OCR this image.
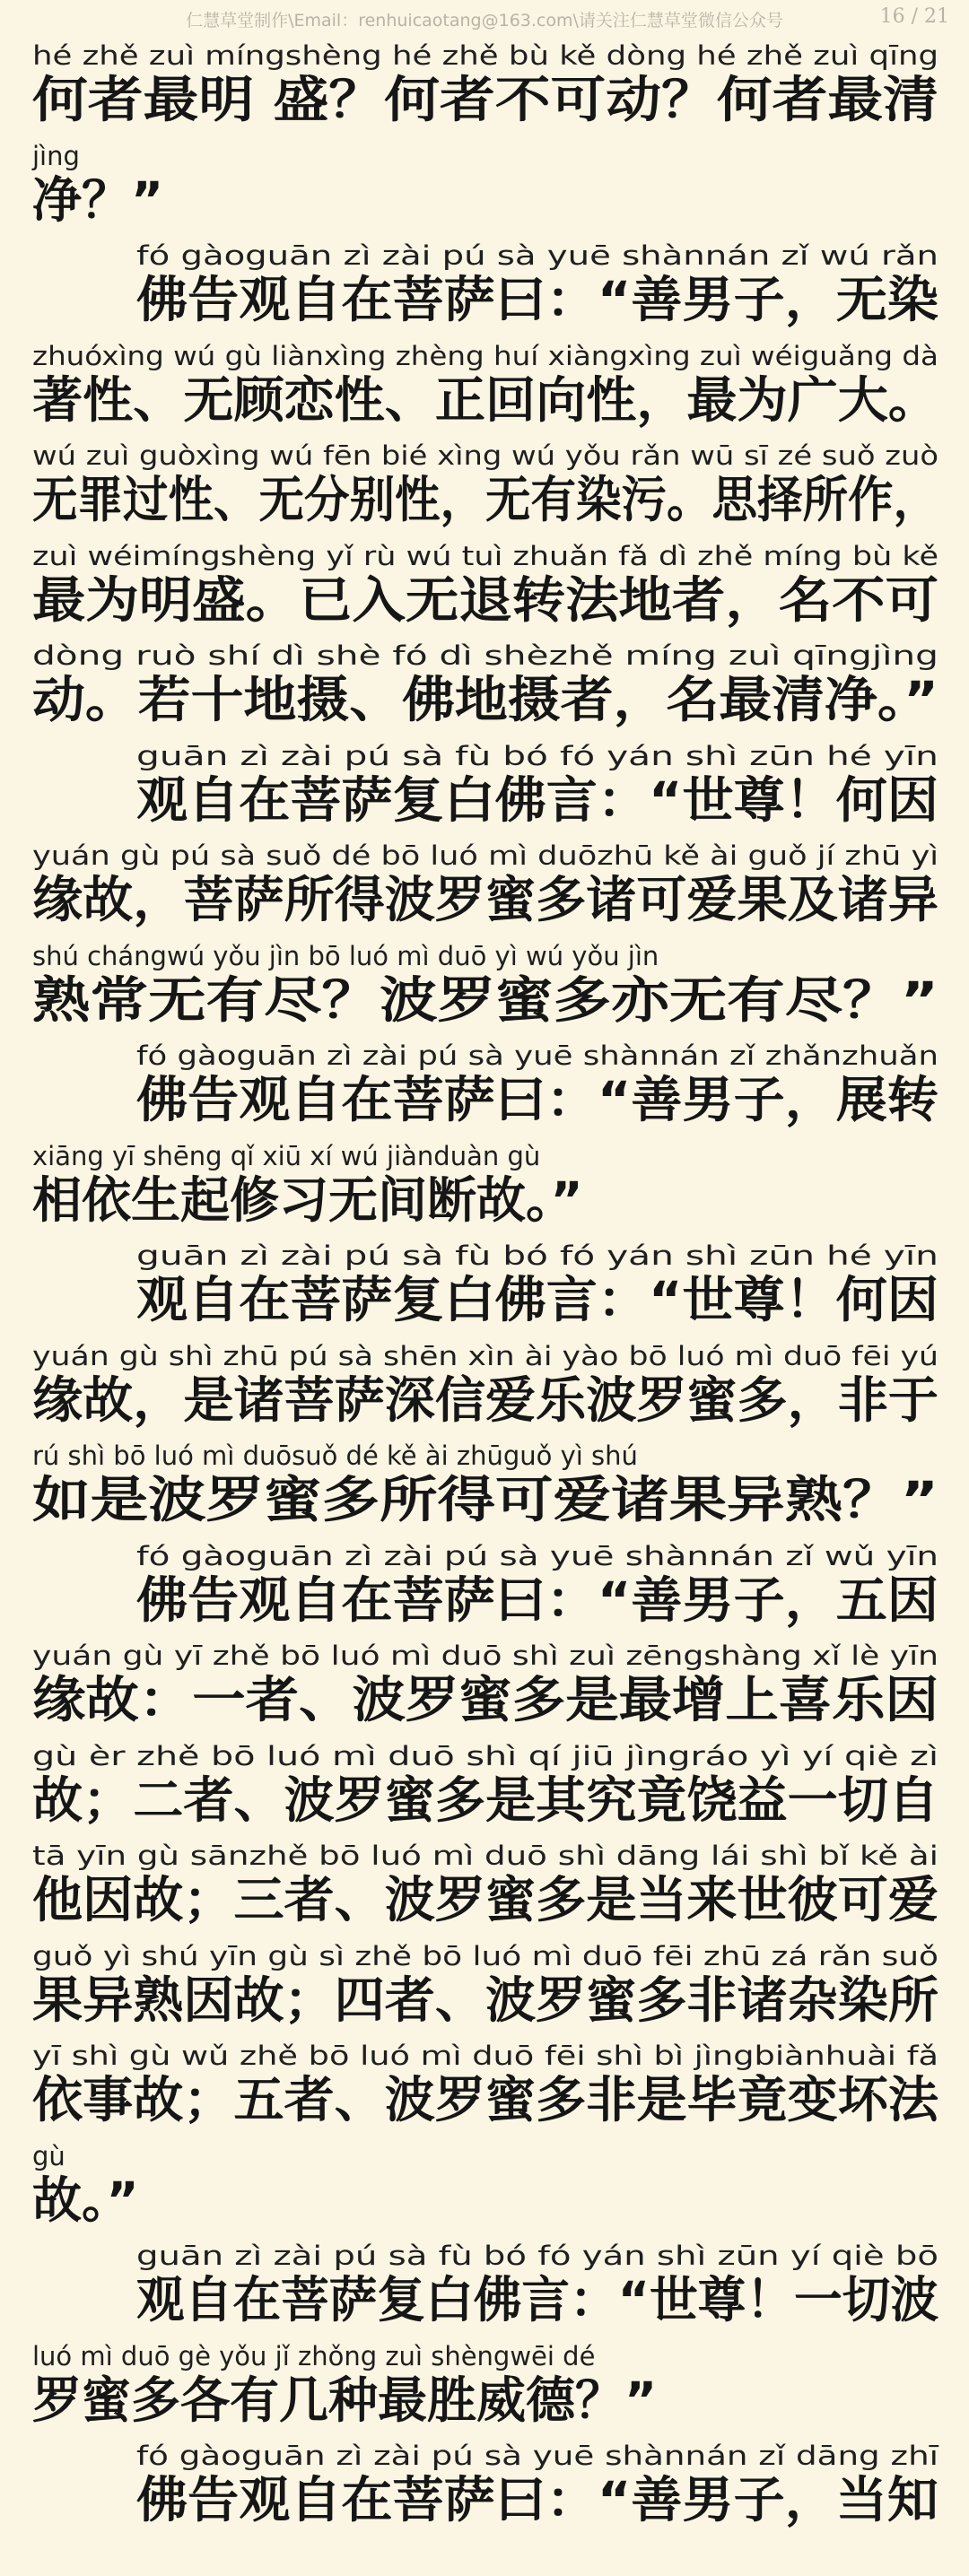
仁慧草堂制作\Email：renhuicaotang@163.com\请关注仁慧草堂微信公众号	16 / 21
hé zhě zuì míngshèng hé zhě bù kě dòng hé zhě zuì qīng
何者最明 盛？何者不可动？何者最清
jìng
净？”
fó gàoguān zì zài pú sà yuē shànnán zǐ wú rǎn
佛告观自在菩萨曰：“善男子，无染
zhuóxìng wú gù liànxìng zhèng huí xiàngxìng zuì wéiguǎng dà
著性、无顾恋性、正回向性，最为广大。
wú zuì guòxìng wú fēn bié xìng wú yǒu rǎn wū sī zé suǒ zuò
无罪过性、无分别性，无有染污。思择所作，
zuì wéimíngshèng yǐ rù wú tuì zhuǎn fǎ dì zhě míng bù kě
最为明盛。已入无退转法地者，名不可
dòng ruò shí dì shè fó dì shèzhě míng zuì qīngjìng
动。若十地摄、佛地摄者，名最清净。”
guān zì zài pú sà fù bó fó yán shì zūn hé yīn
观自在菩萨复白佛言：“世尊！何因
yuán gù pú sà suǒ dé bō luó mì duōzhū kě ài guǒ jí zhū yì
缘故，菩萨所得波罗蜜多诸可爱果及诸异
shú chángwú yǒu jìn bō luó mì duō yì wú yǒu jìn
熟常无有尽？波罗蜜多亦无有尽？”
fó gàoguān zì zài pú sà yuē shànnán zǐ zhǎnzhuǎn
佛告观自在菩萨曰：“善男子，展转
xiāng yī shēng qǐ xiū xí wú jiànduàn gù
相依生起修习无间断故。”
guān zì zài pú sà fù bó fó yán shì zūn hé yīn
观自在菩萨复白佛言：“世尊！何因
yuán gù shì zhū pú sà shēn xìn ài yào bō luó mì duō fēi yú
缘故，是诸菩萨深信爱乐波罗蜜多，非于
rú shì bō luó mì duōsuǒ dé kě ài zhūguǒ yì shú
如是波罗蜜多所得可爱诸果异熟？”
fó gàoguān zì zài pú sà yuē shànnán zǐ wǔ yīn
佛告观自在菩萨曰：“善男子，五因
yuán gù yī zhě bō luó mì duō shì zuì zēngshàng xǐ lè yīn
缘故：一者、波罗蜜多是最增上喜乐因
gù èr zhě bō luó mì duō shì qí jiū jìngráo yì yí qiè zì
故；二者、波罗蜜多是其究竟饶益一切自
tā yīn gù sānzhě bō luó mì duō shì dāng lái shì bǐ kě ài
他因故；三者、波罗蜜多是当来世彼可爱
guǒ yì shú yīn gù sì zhě bō luó mì duō fēi zhū zá rǎn suǒ
果异熟因故；四者、波罗蜜多非诸杂染所
yī shì gù wǔ zhě bō luó mì duō fēi shì bì jìngbiànhuài fǎ
依事故；五者、波罗蜜多非是毕竟变坏法
gù
故。”
guān zì zài pú sà fù bó fó yán shì zūn yí qiè bō
观自在菩萨复白佛言：“世尊！一切波
luó mì duō gè yǒu jǐ zhǒng zuì shèngwēi dé
罗蜜多各有几种最胜威德？”
fó gàoguān zì zài pú sà yuē shànnán zǐ dāng zhī
佛告观自在菩萨曰：“善男子，当知
